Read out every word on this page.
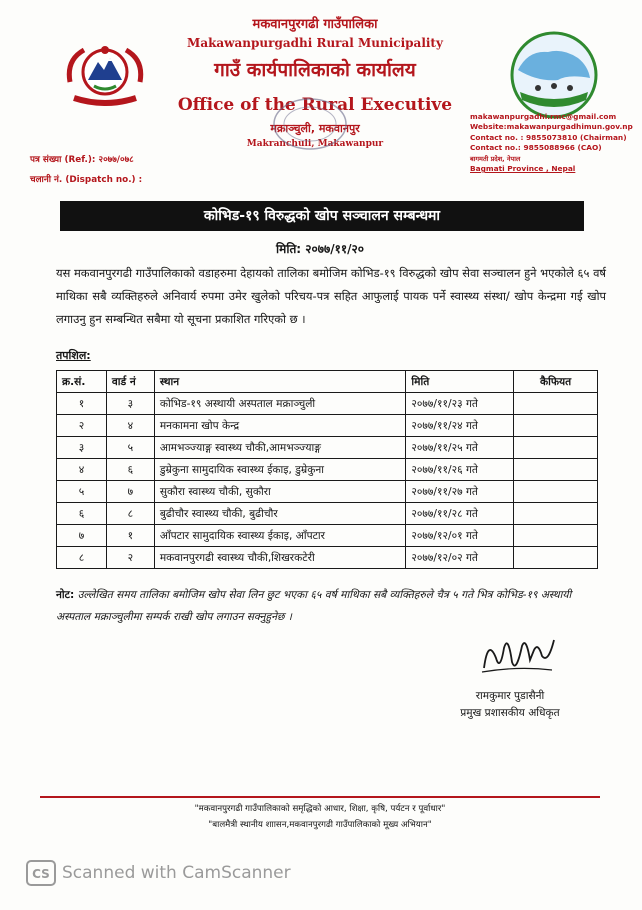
मकवानपुरगढी गाउँपालिका
Makawanpurgadhi Rural Municipality
गाउँ कार्यपालिकाको कार्यालय
Office of the Rural Executive
मक्राञ्चुली, मकवानपुर
Makranchuli, Makawanpur
makawanpurgadhi.rmc@gmail.com
Website:makawanpurgadhimun.gov.np
Contact no. : 9855073810 (Chairman)
Contact no.: 9855088966 (CAO)
बागमती प्रदेश, नेपाल
Bagmati Province , Nepal
पत्र संख्या (Ref.): २०७७/०७८
चलानी नं. (Dispatch no.) :
कोभिड-१९ विरुद्धको खोप सञ्चालन सम्बन्धमा
मिति: २०७७/११/२०
यस मकवानपुरगढी गाउँपालिकाको वडाहरुमा देहायको तालिका बमोजिम कोभिड-१९ विरुद्धको खोप सेवा सञ्चालन हुने भएकोले ६५ वर्ष माथिका सबै व्यक्तिहरुले अनिवार्य रुपमा उमेर खुलेको परिचय-पत्र सहित आफुलाई पायक पर्ने स्वास्थ्य संस्था/ खोप केन्द्रमा गई खोप लगाउनु हुन सम्बन्धित सबैमा यो सूचना प्रकाशित गरिएको छ ।
तपशिल:
क्र.सं.	वार्ड नं	स्थान	मिति	कैफियत
१	३	कोभिड-१९ अस्थायी अस्पताल मक्राञ्चुली	२०७७/११/२३ गते	
२	४	मनकामना खोप केन्द्र	२०७७/११/२४ गते	
३	५	आमभञ्ज्याङ्ग स्वास्थ्य चौकी,आमभञ्ज्याङ्ग	२०७७/११/२५ गते	
४	६	डुम्रेकुना सामुदायिक स्वास्थ्य ईकाइ, डुम्रेकुना	२०७७/११/२६ गते	
५	७	सुकौरा स्वास्थ्य चौकी, सुकौरा	२०७७/११/२७ गते	
६	८	बुढीचौर स्वास्थ्य चौकी, बुढीचौर	२०७७/११/२८ गते	
७	१	आँपटार सामुदायिक स्वास्थ्य ईकाइ, आँपटार	२०७७/१२/०१ गते	
८	२	मकवानपुरगढी स्वास्थ्य चौकी,शिखरकटेरी	२०७७/१२/०२ गते	
नोट: उल्लेखित समय तालिका बमोजिम खोप सेवा लिन छुट भएका ६५ वर्ष माथिका सबै व्यक्तिहरुले चैत्र ५ गते भित्र कोभिड-१९ अस्थायी अस्पताल मक्राञ्चुलीमा सम्पर्क राखी खोप लगाउन सक्नुहुनेछ ।
रामकुमार पुडासैनी
प्रमुख प्रशासकीय अधिकृत
"मकवानपुरगढी गाउँपालिकाको समृद्धिको आधार, शिक्षा, कृषि, पर्यटन र पूर्वाधार"
"बालमैत्री स्थानीय शाासन,मकवानपुरगढी गाउँपालिकाको मूख्य अभियान"
CS Scanned with CamScanner
